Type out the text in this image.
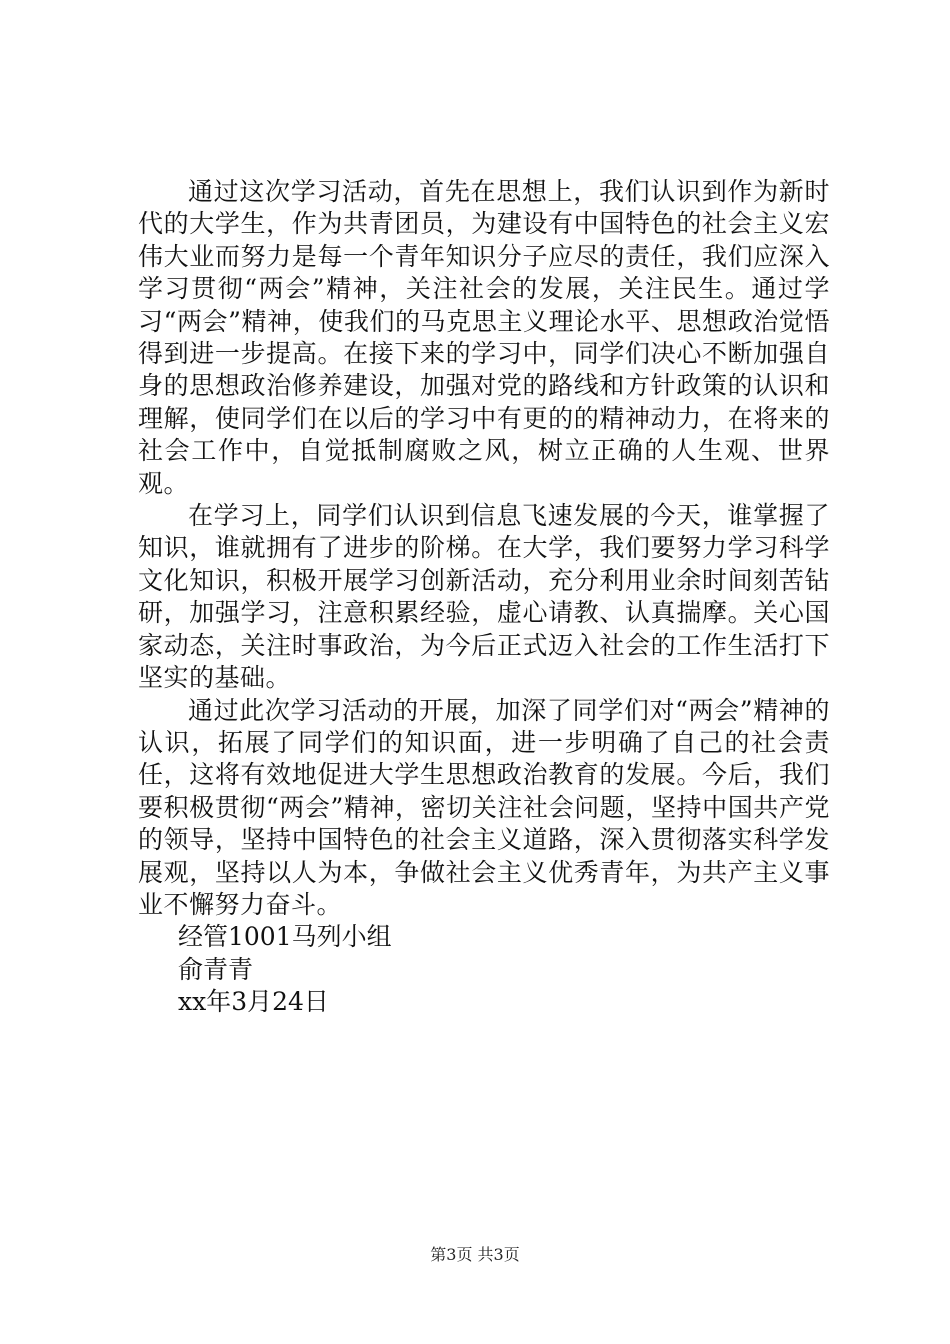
通过这次学习活动，首先在思想上，我们认识到作为新时代的大学生，作为共青团员，为建设有中国特色的社会主义宏伟大业而努力是每一个青年知识分子应尽的责任，我们应深入学习贯彻“两会”精神，关注社会的发展，关注民生。通过学习“两会”精神，使我们的马克思主义理论水平、思想政治觉悟得到进一步提高。在接下来的学习中，同学们决心不断加强自身的思想政治修养建设，加强对党的路线和方针政策的认识和理解，使同学们在以后的学习中有更的的精神动力，在将来的社会工作中，自觉抵制腐败之风，树立正确的人生观、世界观。

在学习上，同学们认识到信息飞速发展的今天，谁掌握了知识，谁就拥有了进步的阶梯。在大学，我们要努力学习科学文化知识，积极开展学习创新活动，充分利用业余时间刻苦钻研，加强学习，注意积累经验，虚心请教、认真揣摩。关心国家动态，关注时事政治，为今后正式迈入社会的工作生活打下坚实的基础。

通过此次学习活动的开展，加深了同学们对“两会”精神的认识，拓展了同学们的知识面，进一步明确了自己的社会责任，这将有效地促进大学生思想政治教育的发展。今后，我们要积极贯彻“两会”精神，密切关注社会问题，坚持中国共产党的领导，坚持中国特色的社会主义道路，深入贯彻落实科学发展观，坚持以人为本，争做社会主义优秀青年，为共产主义事业不懈努力奋斗。

经管1001马列小组

俞青青

xx年3月24日

第3页 共3页
